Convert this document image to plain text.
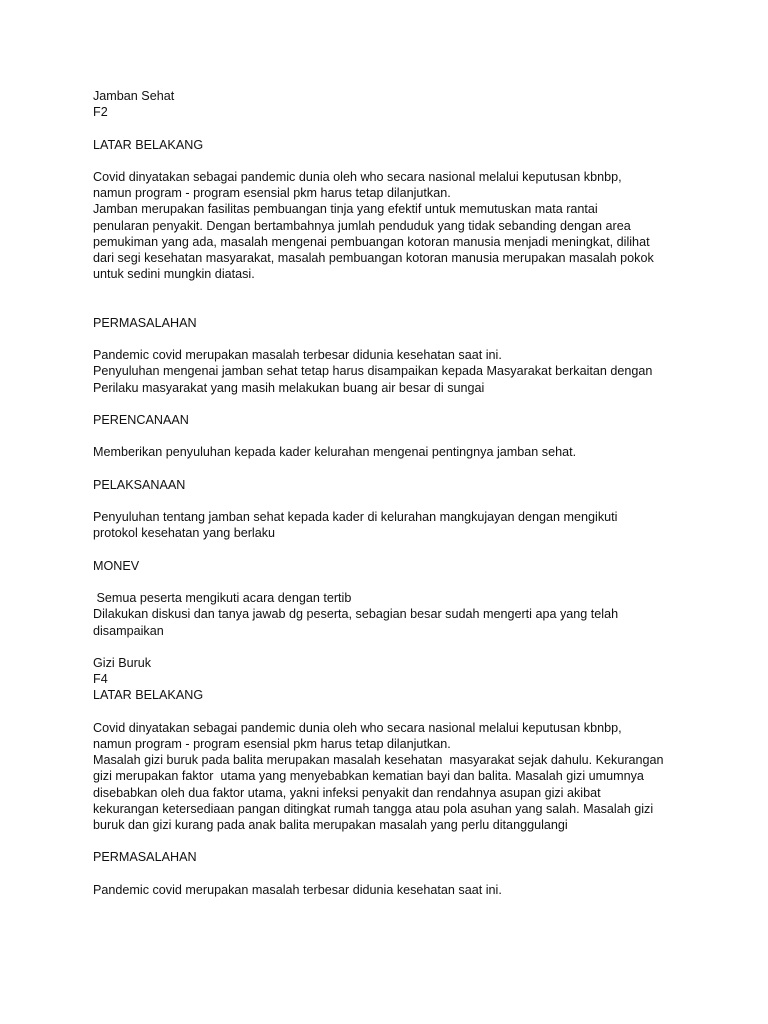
Jamban Sehat
F2
LATAR BELAKANG
Covid dinyatakan sebagai pandemic dunia oleh who secara nasional melalui keputusan kbnbp,
namun program - program esensial pkm harus tetap dilanjutkan.
Jamban merupakan fasilitas pembuangan tinja yang efektif untuk memutuskan mata rantai
penularan penyakit. Dengan bertambahnya jumlah penduduk yang tidak sebanding dengan area
pemukiman yang ada, masalah mengenai pembuangan kotoran manusia menjadi meningkat, dilihat
dari segi kesehatan masyarakat, masalah pembuangan kotoran manusia merupakan masalah pokok
untuk sedini mungkin diatasi.
PERMASALAHAN
Pandemic covid merupakan masalah terbesar didunia kesehatan saat ini.
Penyuluhan mengenai jamban sehat tetap harus disampaikan kepada Masyarakat berkaitan dengan
Perilaku masyarakat yang masih melakukan buang air besar di sungai
PERENCANAAN
Memberikan penyuluhan kepada kader kelurahan mengenai pentingnya jamban sehat.
PELAKSANAAN
Penyuluhan tentang jamban sehat kepada kader di kelurahan mangkujayan dengan mengikuti
protokol kesehatan yang berlaku
MONEV
Semua peserta mengikuti acara dengan tertib
Dilakukan diskusi dan tanya jawab dg peserta, sebagian besar sudah mengerti apa yang telah
disampaikan
Gizi Buruk
F4
LATAR BELAKANG
Covid dinyatakan sebagai pandemic dunia oleh who secara nasional melalui keputusan kbnbp,
namun program - program esensial pkm harus tetap dilanjutkan.
Masalah gizi buruk pada balita merupakan masalah kesehatan  masyarakat sejak dahulu. Kekurangan
gizi merupakan faktor  utama yang menyebabkan kematian bayi dan balita. Masalah gizi umumnya
disebabkan oleh dua faktor utama, yakni infeksi penyakit dan rendahnya asupan gizi akibat
kekurangan ketersediaan pangan ditingkat rumah tangga atau pola asuhan yang salah. Masalah gizi
buruk dan gizi kurang pada anak balita merupakan masalah yang perlu ditanggulangi
PERMASALAHAN
Pandemic covid merupakan masalah terbesar didunia kesehatan saat ini.
